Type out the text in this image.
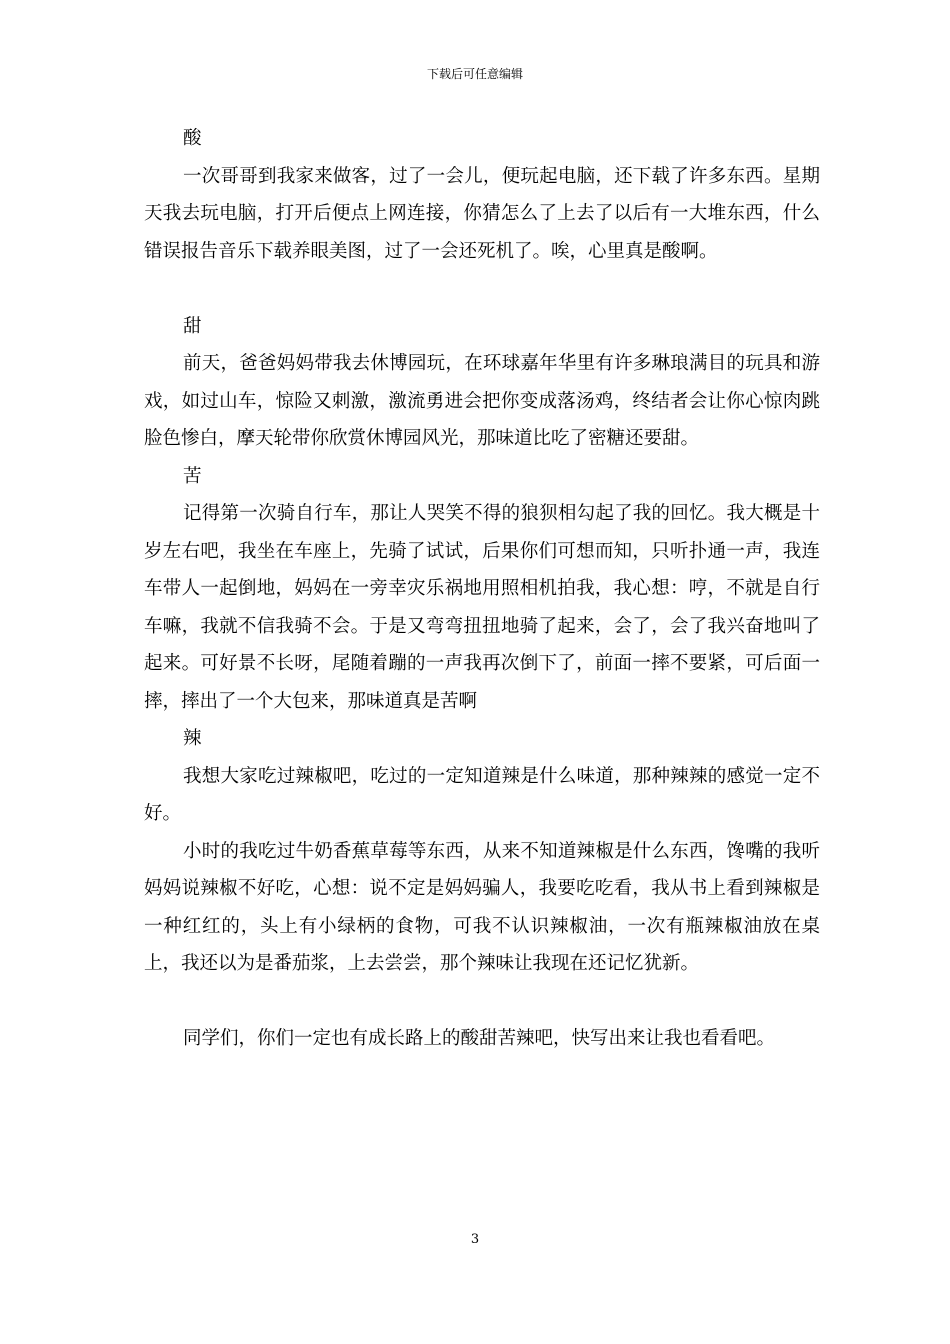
下载后可任意编辑

酸

一次哥哥到我家来做客，过了一会儿，便玩起电脑，还下载了许多东西。星期天我去玩电脑，打开后便点上网连接，你猜怎么了上去了以后有一大堆东西，什么错误报告音乐下载养眼美图，过了一会还死机了。唉，心里真是酸啊。

甜

前天，爸爸妈妈带我去休博园玩，在环球嘉年华里有许多琳琅满目的玩具和游戏，如过山车，惊险又刺激，激流勇进会把你变成落汤鸡，终结者会让你心惊肉跳脸色惨白，摩天轮带你欣赏休博园风光，那味道比吃了密糖还要甜。

苦

记得第一次骑自行车，那让人哭笑不得的狼狈相勾起了我的回忆。我大概是十岁左右吧，我坐在车座上，先骑了试试，后果你们可想而知，只听扑通一声，我连车带人一起倒地，妈妈在一旁幸灾乐祸地用照相机拍我，我心想：哼，不就是自行车嘛，我就不信我骑不会。于是又弯弯扭扭地骑了起来，会了，会了我兴奋地叫了起来。可好景不长呀，尾随着蹦的一声我再次倒下了，前面一摔不要紧，可后面一摔，摔出了一个大包来，那味道真是苦啊

辣

我想大家吃过辣椒吧，吃过的一定知道辣是什么味道，那种辣辣的感觉一定不好。

小时的我吃过牛奶香蕉草莓等东西，从来不知道辣椒是什么东西，馋嘴的我听妈妈说辣椒不好吃，心想：说不定是妈妈骗人，我要吃吃看，我从书上看到辣椒是一种红红的，头上有小绿柄的食物，可我不认识辣椒油，一次有瓶辣椒油放在桌上，我还以为是番茄浆，上去尝尝，那个辣味让我现在还记忆犹新。

同学们，你们一定也有成长路上的酸甜苦辣吧，快写出来让我也看看吧。

3
